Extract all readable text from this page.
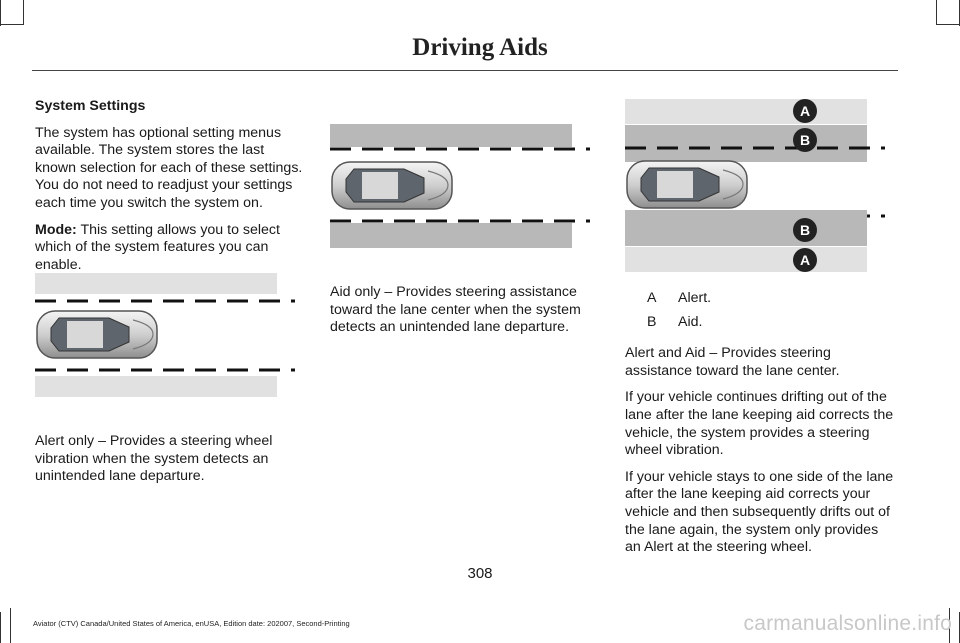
Driving Aids

System Settings

The system has optional setting menus available. The system stores the last known selection for each of these settings. You do not need to readjust your settings each time you switch the system on.

Mode: This setting allows you to select which of the system features you can enable.

Alert only – Provides a steering wheel vibration when the system detects an unintended lane departure.

Aid only – Provides steering assistance toward the lane center when the system detects an unintended lane departure.

A
B
B
A
A	Alert.
B	Aid.

Alert and Aid – Provides steering assistance toward the lane center.

If your vehicle continues drifting out of the lane after the lane keeping aid corrects the vehicle, the system provides a steering wheel vibration.

If your vehicle stays to one side of the lane after the lane keeping aid corrects your vehicle and then subsequently drifts out of the lane again, the system only provides an Alert at the steering wheel.

308
Aviator (CTV) Canada/United States of America, enUSA, Edition date: 202007, Second-Printing	carmanualsonline.info
